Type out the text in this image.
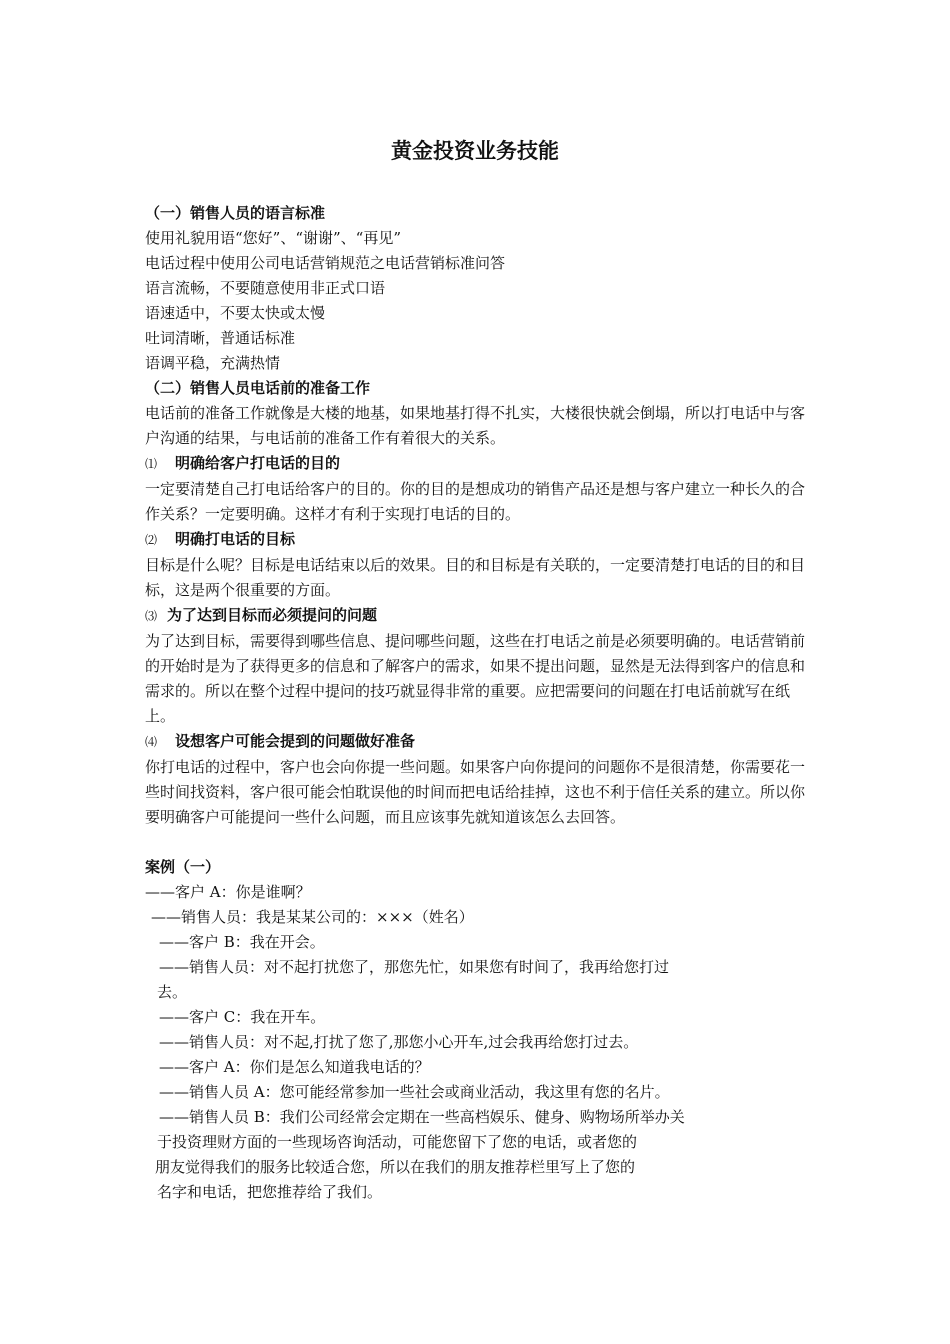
黄金投资业务技能

（一）销售人员的语言标准

使用礼貌用语“您好”、“谢谢”、“再见”

电话过程中使用公司电话营销规范之电话营销标准问答

语言流畅，不要随意使用非正式口语

语速适中，不要太快或太慢

吐词清晰，普通话标准

语调平稳，充满热情

（二）销售人员电话前的准备工作

电话前的准备工作就像是大楼的地基，如果地基打得不扎实，大楼很快就会倒塌，所以打电话中与客户沟通的结果，与电话前的准备工作有着很大的关系。

⑴ 明确给客户打电话的目的

一定要清楚自己打电话给客户的目的。你的目的是想成功的销售产品还是想与客户建立一种长久的合作关系？一定要明确。这样才有利于实现打电话的目的。

⑵ 明确打电话的目标

目标是什么呢？目标是电话结束以后的效果。目的和目标是有关联的，一定要清楚打电话的目的和目标，这是两个很重要的方面。

⑶ 为了达到目标而必须提问的问题

为了达到目标，需要得到哪些信息、提问哪些问题，这些在打电话之前是必须要明确的。电话营销前的开始时是为了获得更多的信息和了解客户的需求，如果不提出问题，显然是无法得到客户的信息和需求的。所以在整个过程中提问的技巧就显得非常的重要。应把需要问的问题在打电话前就写在纸上。

⑷ 设想客户可能会提到的问题做好准备

你打电话的过程中，客户也会向你提一些问题。如果客户向你提问的问题你不是很清楚，你需要花一些时间找资料，客户很可能会怕耽误他的时间而把电话给挂掉，这也不利于信任关系的建立。所以你要明确客户可能提问一些什么问题，而且应该事先就知道该怎么去回答。

案例（一）

——客户 A：你是谁啊？

——销售人员：我是某某公司的：×××（姓名）

——客户 B：我在开会。

——销售人员：对不起打扰您了，那您先忙，如果您有时间了，我再给您打过

去。

——客户 C：我在开车。

——销售人员：对不起,打扰了您了,那您小心开车,过会我再给您打过去。

——客户 A：你们是怎么知道我电话的？

——销售人员 A：您可能经常参加一些社会或商业活动，我这里有您的名片。

——销售人员 B：我们公司经常会定期在一些高档娱乐、健身、购物场所举办关

于投资理财方面的一些现场咨询活动，可能您留下了您的电话，或者您的

朋友觉得我们的服务比较适合您，所以在我们的朋友推荐栏里写上了您的

名字和电话，把您推荐给了我们。
